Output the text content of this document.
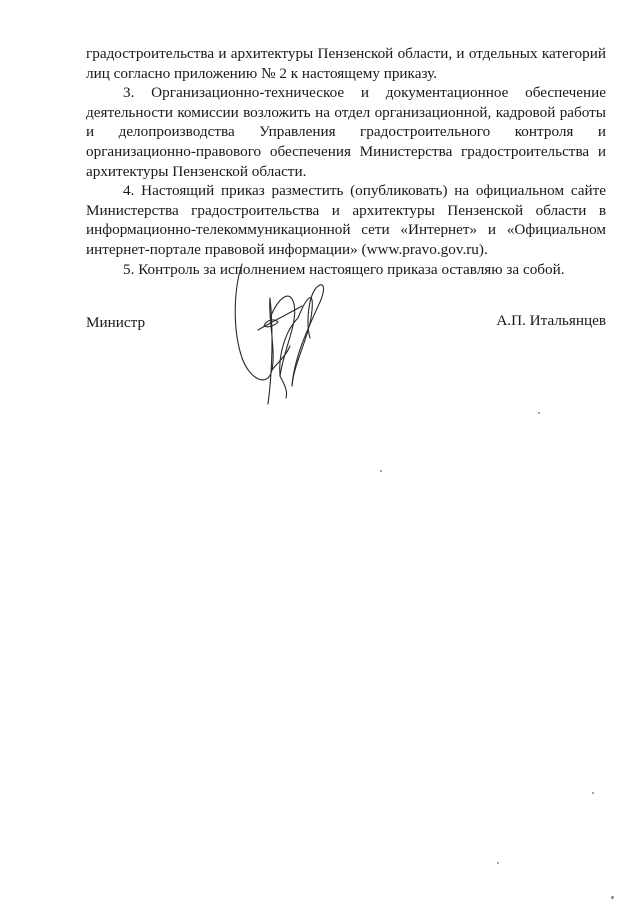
градостроительства и архитектуры Пензенской области, и отдельных категорий лиц согласно приложению № 2 к настоящему приказу.

3. Организационно-техническое и документационное обеспечение деятельности комиссии возложить на отдел организационной, кадровой работы и делопроизводства Управления градостроительного контроля и организационно-правового обеспечения Министерства градостроительства и архитектуры Пензенской области.

4. Настоящий приказ разместить (опубликовать) на официальном сайте Министерства градостроительства и архитектуры Пензенской области в информационно-телекоммуникационной сети «Интернет» и «Официальном интернет-портале правовой информации» (www.pravo.gov.ru).

5. Контроль за исполнением настоящего приказа оставляю за собой.

Министр	А.П. Итальянцев
